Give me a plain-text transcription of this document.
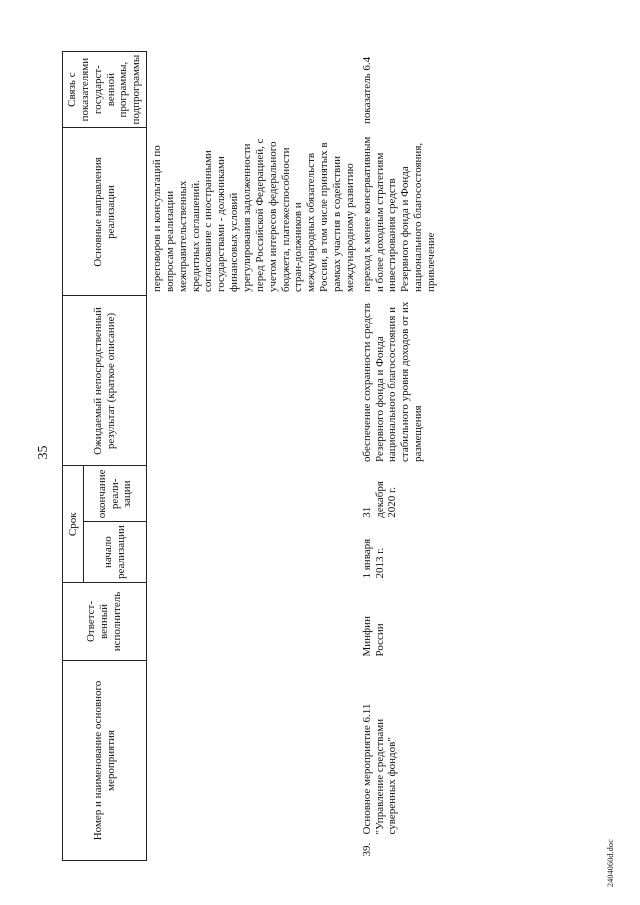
35
Номер и наименование основного мероприятия	Ответст-венный исполнитель	Срок		Ожидаемый непосредственный результат (краткое описание)	Основные направления реализации	Связь с показателями государст-венной программы, подпрограммы
		начало реализации	окончание реали-зации			

					переговоров и консультаций по вопросам реализации межправительственных кредитных соглашений. согласование с иностранными государствами - должниками финансовых условий урегулирования задолженности перед Российской Федерацией, с учетом интересов федерального бюджета, платежеспособности стран-должников и международных обязательств России, в том числе принятых в рамках участия в содействии международному развитию	

39.
Основное мероприятие 6.11 "Управление средствами суверенных фондов"	Минфин России	1 января 2013 г.	31 декабря 2020 г.	обеспечение сохранности средств Резервного фонда и Фонда национального благосостояния и стабильного уровня доходов от их размещения	переход к менее консервативным и более доходным стратегиям инвестирования средств Резервного фонда и Фонда национального благосостояния, привлечение	показатель 6.4
2404060d.doc
